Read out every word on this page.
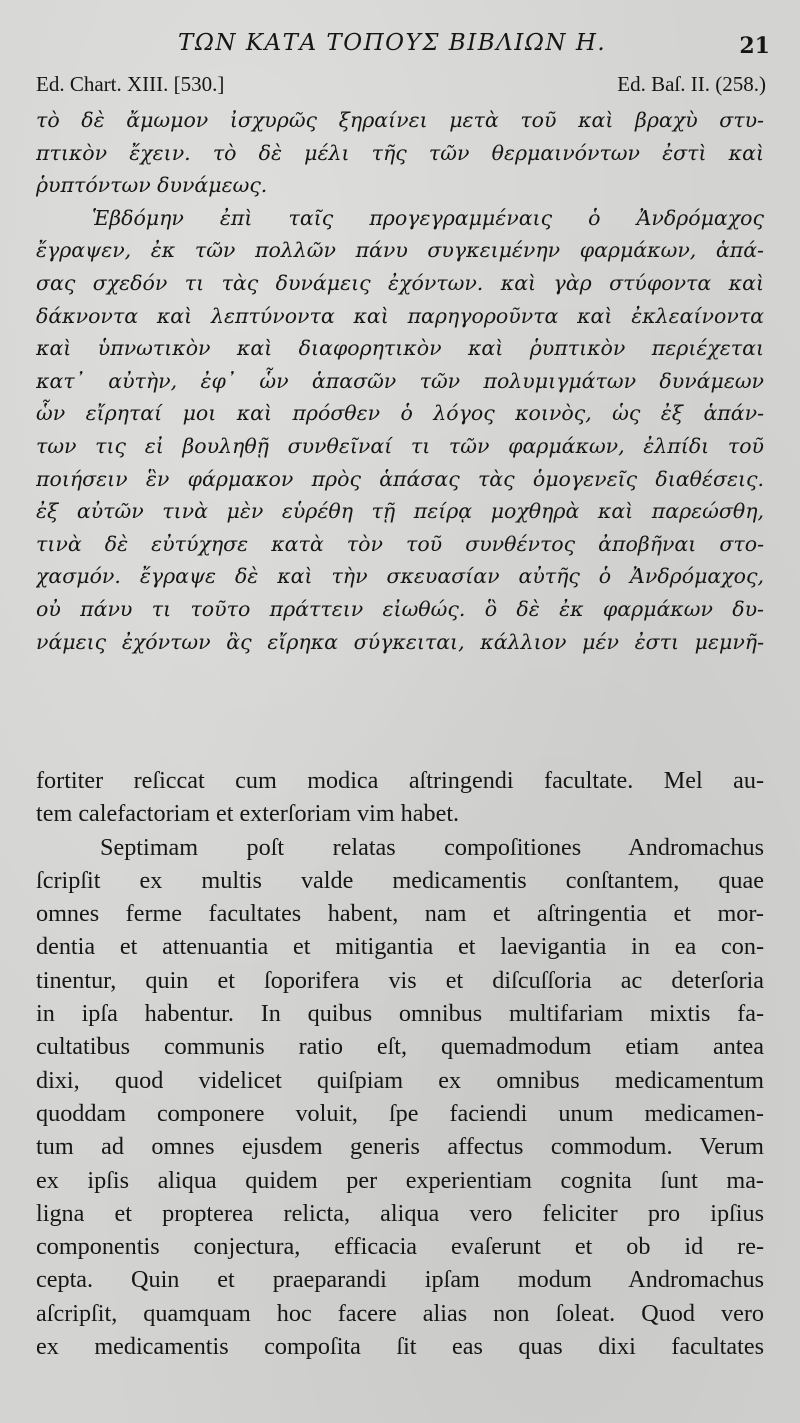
ΤΩΝ ΚΑΤΑ ΤΟΠΟΥΣ ΒΙΒΛΙΩΝ Η.	21
Ed. Chart. XIII. [530.]	Ed. Baſ. II. (258.)
τὸ δὲ ἄμωμον ἰσχυρῶς ξηραίνει μετὰ τοῦ καὶ βραχὺ στυ-
πτικὸν ἔχειν. τὸ δὲ μέλι τῆς τῶν θερμαινόντων ἐστὶ καὶ
ῥυπτόντων δυνάμεως.
Ἑβδόμην ἐπὶ ταῖς προγεγραμμέναις ὁ Ἀνδρόμαχος
ἔγραψεν, ἐκ τῶν πολλῶν πάνυ συγκειμένην φαρμάκων, ἁπά-
σας σχεδόν τι τὰς δυνάμεις ἐχόντων. καὶ γὰρ στύφοντα καὶ
δάκνοντα καὶ λεπτύνοντα καὶ παρηγοροῦντα καὶ ἐκλεαίνοντα
καὶ ὑπνωτικὸν καὶ διαφορητικὸν καὶ ῥυπτικὸν περιέχεται
κατ᾽ αὐτὴν, ἐφ᾽ ὧν ἁπασῶν τῶν πολυμιγμάτων δυνάμεων
ὧν εἴρηταί μοι καὶ πρόσθεν ὁ λόγος κοινὸς, ὡς ἐξ ἁπάν-
των τις εἰ βουληθῇ συνθεῖναί τι τῶν φαρμάκων, ἐλπίδι τοῦ
ποιήσειν ἓν φάρμακον πρὸς ἁπάσας τὰς ὁμογενεῖς διαθέσεις.
ἐξ αὐτῶν τινὰ μὲν εὑρέθη τῇ πείρᾳ μοχθηρὰ καὶ παρεώσθη,
τινὰ δὲ εὐτύχησε κατὰ τὸν τοῦ συνθέντος ἀποβῆναι στο-
χασμόν. ἔγραψε δὲ καὶ τὴν σκευασίαν αὐτῆς ὁ Ἀνδρόμαχος,
οὐ πάνυ τι τοῦτο πράττειν εἰωθώς. ὃ δὲ ἐκ φαρμάκων δυ-
νάμεις ἐχόντων ἃς εἴρηκα σύγκειται, κάλλιον μέν ἐστι μεμνῆ-
fortiter reſiccat cum modica aſtringendi facultate. Mel au-
tem calefactoriam et exterſoriam vim habet.
Septimam poſt relatas compoſitiones Andromachus
ſcripſit ex multis valde medicamentis conſtantem, quae
omnes ferme facultates habent, nam et aſtringentia et mor-
dentia et attenuantia et mitigantia et laevigantia in ea con-
tinentur, quin et ſoporifera vis et diſcuſſoria ac deterſoria
in ipſa habentur. In quibus omnibus multifariam mixtis fa-
cultatibus communis ratio eſt, quemadmodum etiam antea
dixi, quod videlicet quiſpiam ex omnibus medicamentum
quoddam componere voluit, ſpe faciendi unum medicamen-
tum ad omnes ejusdem generis affectus commodum. Verum
ex ipſis aliqua quidem per experientiam cognita ſunt ma-
ligna et propterea relicta, aliqua vero feliciter pro ipſius
componentis conjectura, efficacia evaſerunt et ob id re-
cepta. Quin et praeparandi ipſam modum Andromachus
aſcripſit, quamquam hoc facere alias non ſoleat. Quod vero
ex medicamentis compoſita ſit eas quas dixi facultates
